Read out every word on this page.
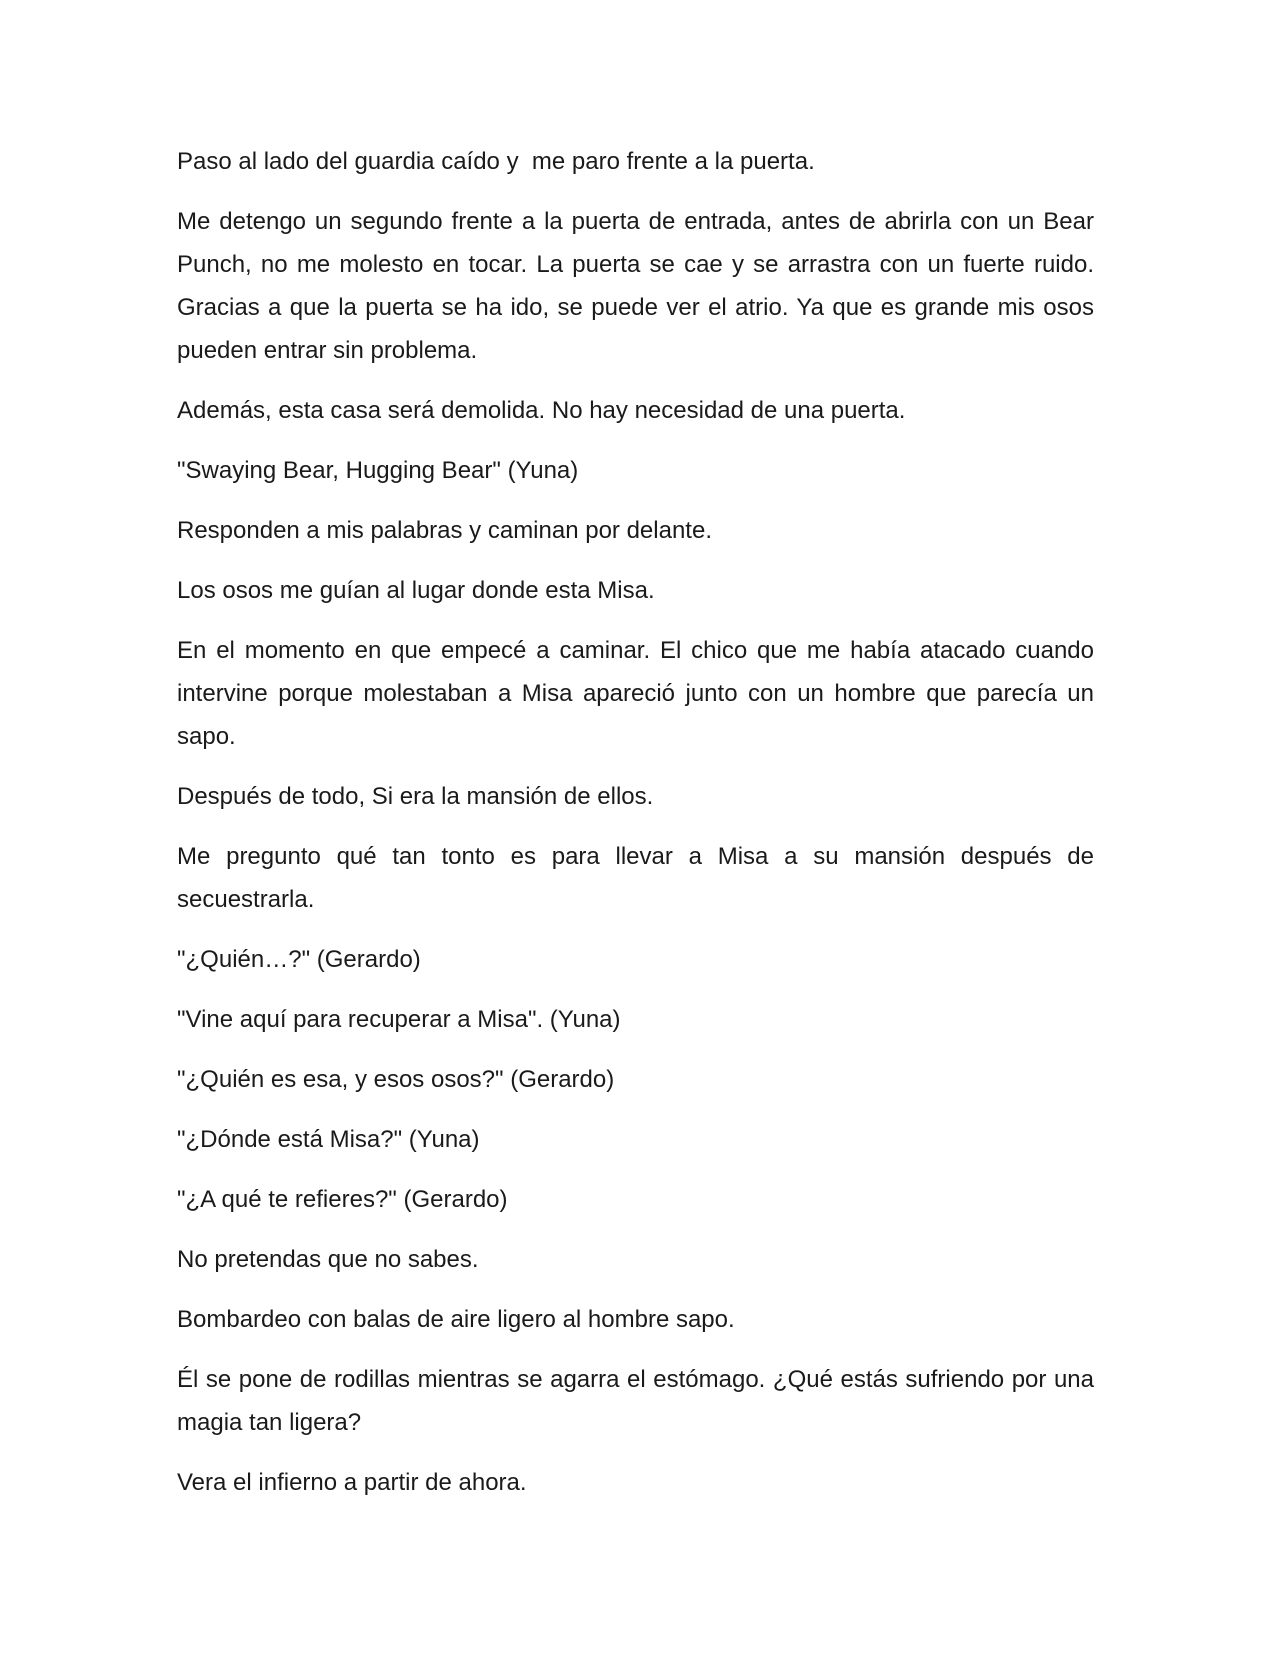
Paso al lado del guardia caído y  me paro frente a la puerta.

Me detengo un segundo frente a la puerta de entrada, antes de abrirla con un Bear Punch, no me molesto en tocar. La puerta se cae y se arrastra con un fuerte ruido. Gracias a que la puerta se ha ido, se puede ver el atrio. Ya que es grande mis osos pueden entrar sin problema.

Además, esta casa será demolida. No hay necesidad de una puerta.

"Swaying Bear, Hugging Bear" (Yuna)

Responden a mis palabras y caminan por delante.

Los osos me guían al lugar donde esta Misa.

En el momento en que empecé a caminar. El chico que me había atacado cuando intervine porque molestaban a Misa apareció junto con un hombre que parecía un sapo.

Después de todo, Si era la mansión de ellos.

Me pregunto qué tan tonto es para llevar a Misa a su mansión después de secuestrarla.

"¿Quién…?" (Gerardo)

"Vine aquí para recuperar a Misa". (Yuna)

"¿Quién es esa, y esos osos?" (Gerardo)

"¿Dónde está Misa?" (Yuna)

"¿A qué te refieres?" (Gerardo)

No pretendas que no sabes.

Bombardeo con balas de aire ligero al hombre sapo.

Él se pone de rodillas mientras se agarra el estómago. ¿Qué estás sufriendo por una magia tan ligera?

Vera el infierno a partir de ahora.
